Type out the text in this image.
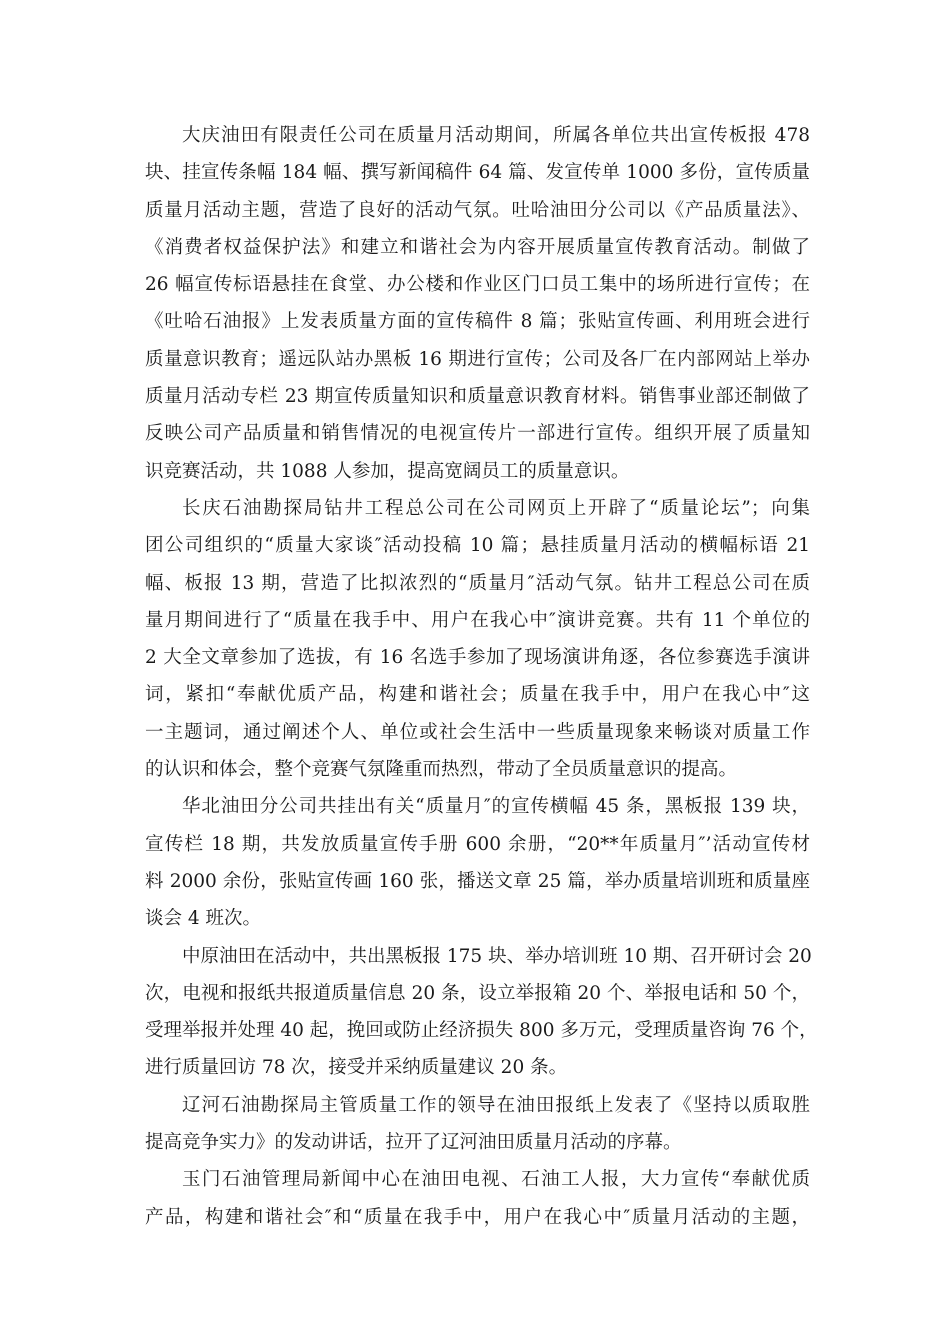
大庆油田有限责任公司在质量月活动期间，所属各单位共出宣传板报 478
块、挂宣传条幅 184 幅、撰写新闻稿件 64 篇、发宣传单 1000 多份，宣传质量
质量月活动主题，营造了良好的活动气氛。吐哈油田分公司以《产品质量法》、
《消费者权益保护法》和建立和谐社会为内容开展质量宣传教育活动。制做了
26 幅宣传标语悬挂在食堂、办公楼和作业区门口员工集中的场所进行宣传；在
《吐哈石油报》上发表质量方面的宣传稿件 8 篇；张贴宣传画、利用班会进行
质量意识教育；遥远队站办黑板 16 期进行宣传；公司及各厂在内部网站上举办
质量月活动专栏 23 期宣传质量知识和质量意识教育材料。销售事业部还制做了
反映公司产品质量和销售情况的电视宣传片一部进行宣传。组织开展了质量知
识竞赛活动，共 1088 人参加，提高宽阔员工的质量意识。
长庆石油勘探局钻井工程总公司在公司网页上开辟了“质量论坛”；向集
团公司组织的“质量大家谈″活动投稿 10 篇；悬挂质量月活动的横幅标语 21
幅、板报 13 期，营造了比拟浓烈的“质量月″活动气氛。钻井工程总公司在质
量月期间进行了“质量在我手中、用户在我心中″演讲竞赛。共有 11 个单位的
2 大全文章参加了选拔，有 16 名选手参加了现场演讲角逐，各位参赛选手演讲
词，紧扣“奉献优质产品，构建和谐社会；质量在我手中，用户在我心中″这
一主题词，通过阐述个人、单位或社会生活中一些质量现象来畅谈对质量工作
的认识和体会，整个竞赛气氛隆重而热烈，带动了全员质量意识的提高。
华北油田分公司共挂出有关“质量月″的宣传横幅 45 条，黑板报 139 块，
宣传栏 18 期，共发放质量宣传手册 600 余册，“20**年质量月″’活动宣传材
料 2000 余份，张贴宣传画 160 张，播送文章 25 篇，举办质量培训班和质量座
谈会 4 班次。
中原油田在活动中，共出黑板报 175 块、举办培训班 10 期、召开研讨会 20
次，电视和报纸共报道质量信息 20 条，设立举报箱 20 个、举报电话和 50 个，
受理举报并处理 40 起，挽回或防止经济损失 800 多万元，受理质量咨询 76 个，
进行质量回访 78 次，接受并采纳质量建议 20 条。
辽河石油勘探局主管质量工作的领导在油田报纸上发表了《坚持以质取胜
提高竞争实力》的发动讲话，拉开了辽河油田质量月活动的序幕。
玉门石油管理局新闻中心在油田电视、石油工人报，大力宣传“奉献优质
产品，构建和谐社会″和“质量在我手中，用户在我心中″质量月活动的主题，
